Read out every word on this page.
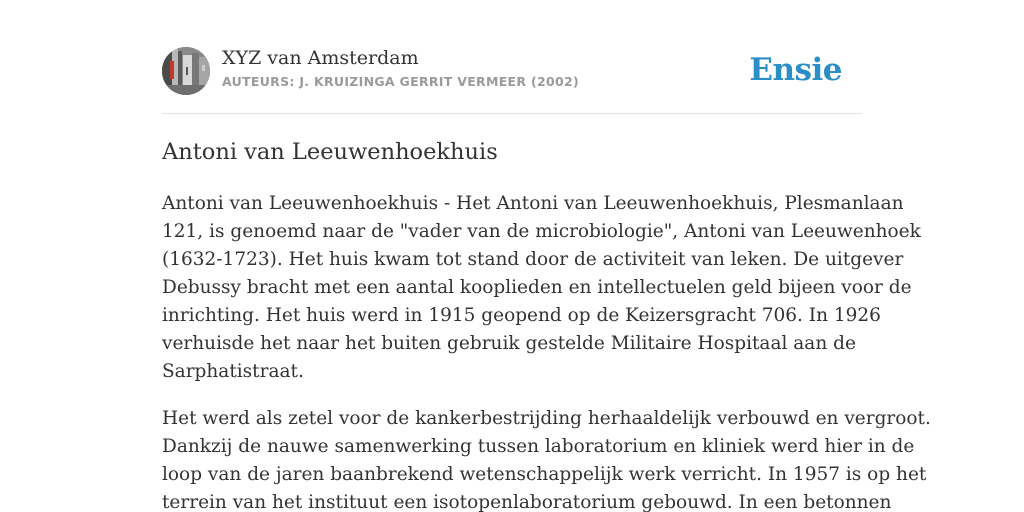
XYZ van Amsterdam
AUTEURS: J. KRUIZINGA GERRIT VERMEER (2002)	Ensie
Antoni van Leeuwenhoekhuis

Antoni van Leeuwenhoekhuis - Het Antoni van Leeuwenhoekhuis, Plesmanlaan
121, is genoemd naar de "vader van de microbiologie", Antoni van Leeuwenhoek
(1632-1723). Het huis kwam tot stand door de activiteit van leken. De uitgever
Debussy bracht met een aantal kooplieden en intellectuelen geld bijeen voor de
inrichting. Het huis werd in 1915 geopend op de Keizersgracht 706. In 1926
verhuisde het naar het buiten gebruik gestelde Militaire Hospitaal aan de
Sarphatistraat.

Het werd als zetel voor de kankerbestrijding herhaaldelijk verbouwd en vergroot.
Dankzij de nauwe samenwerking tussen laboratorium en kliniek werd hier in de
loop van de jaren baanbrekend wetenschappelijk werk verricht. In 1957 is op het
terrein van het instituut een isotopenlaboratorium gebouwd. In een betonnen
